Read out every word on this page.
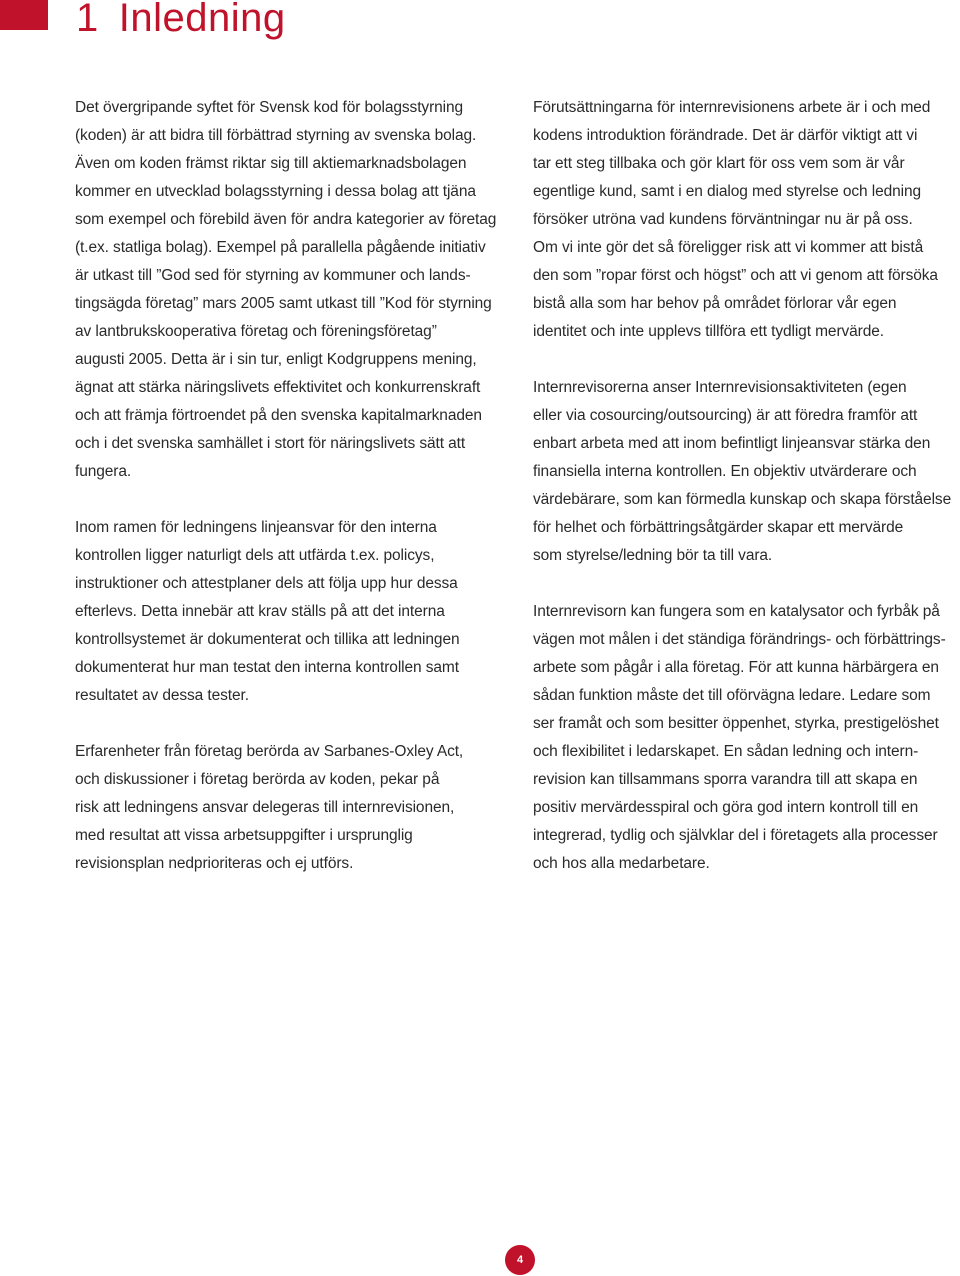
1 Inledning

Det övergripande syftet för Svensk kod för bolagsstyrning
(koden) är att bidra till förbättrad styrning av svenska bolag.
Även om koden främst riktar sig till aktiemarknadsbolagen
kommer en utvecklad bolagsstyrning i dessa bolag att tjäna
som exempel och förebild även för andra kategorier av företag
(t.ex. statliga bolag). Exempel på parallella pågående initiativ
är utkast till ”God sed för styrning av kommuner och lands-
tingsägda företag” mars 2005 samt utkast till ”Kod för styrning
av lantbrukskooperativa företag och föreningsföretag”
augusti 2005. Detta är i sin tur, enligt Kodgruppens mening,
ägnat att stärka näringslivets effektivitet och konkurrenskraft
och att främja förtroendet på den svenska kapitalmarknaden
och i det svenska samhället i stort för näringslivets sätt att
fungera.

Inom ramen för ledningens linjeansvar för den interna
kontrollen ligger naturligt dels att utfärda t.ex. policys,
instruktioner och attestplaner dels att följa upp hur dessa
efterlevs. Detta innebär att krav ställs på att det interna
kontrollsystemet är dokumenterat och tillika att ledningen
dokumenterat hur man testat den interna kontrollen samt
resultatet av dessa tester.

Erfarenheter från företag berörda av Sarbanes-Oxley Act,
och diskussioner i företag berörda av koden, pekar på
risk att ledningens ansvar delegeras till internrevisionen,
med resultat att vissa arbetsuppgifter i ursprunglig
revisionsplan nedprioriteras och ej utförs.

Förutsättningarna för internrevisionens arbete är i och med
kodens introduktion förändrade. Det är därför viktigt att vi
tar ett steg tillbaka och gör klart för oss vem som är vår
egentlige kund, samt i en dialog med styrelse och ledning
försöker utröna vad kundens förväntningar nu är på oss.
Om vi inte gör det så föreligger risk att vi kommer att bistå
den som ”ropar först och högst” och att vi genom att försöka
bistå alla som har behov på området förlorar vår egen
identitet och inte upplevs tillföra ett tydligt mervärde.

Internrevisorerna anser Internrevisionsaktiviteten (egen
eller via cosourcing/outsourcing) är att föredra framför att
enbart arbeta med att inom befintligt linjeansvar stärka den
finansiella interna kontrollen. En objektiv utvärderare och
värdebärare, som kan förmedla kunskap och skapa förståelse
för helhet och förbättringsåtgärder skapar ett mervärde
som styrelse/ledning bör ta till vara.

Internrevisorn kan fungera som en katalysator och fyrbåk på
vägen mot målen i det ständiga förändrings- och förbättrings-
arbete som pågår i alla företag. För att kunna härbärgera en
sådan funktion måste det till oförvägna ledare. Ledare som
ser framåt och som besitter öppenhet, styrka, prestigelöshet
och flexibilitet i ledarskapet. En sådan ledning och intern-
revision kan tillsammans sporra varandra till att skapa en
positiv mervärdesspiral och göra god intern kontroll till en
integrerad, tydlig och självklar del i företagets alla processer
och hos alla medarbetare.

4
